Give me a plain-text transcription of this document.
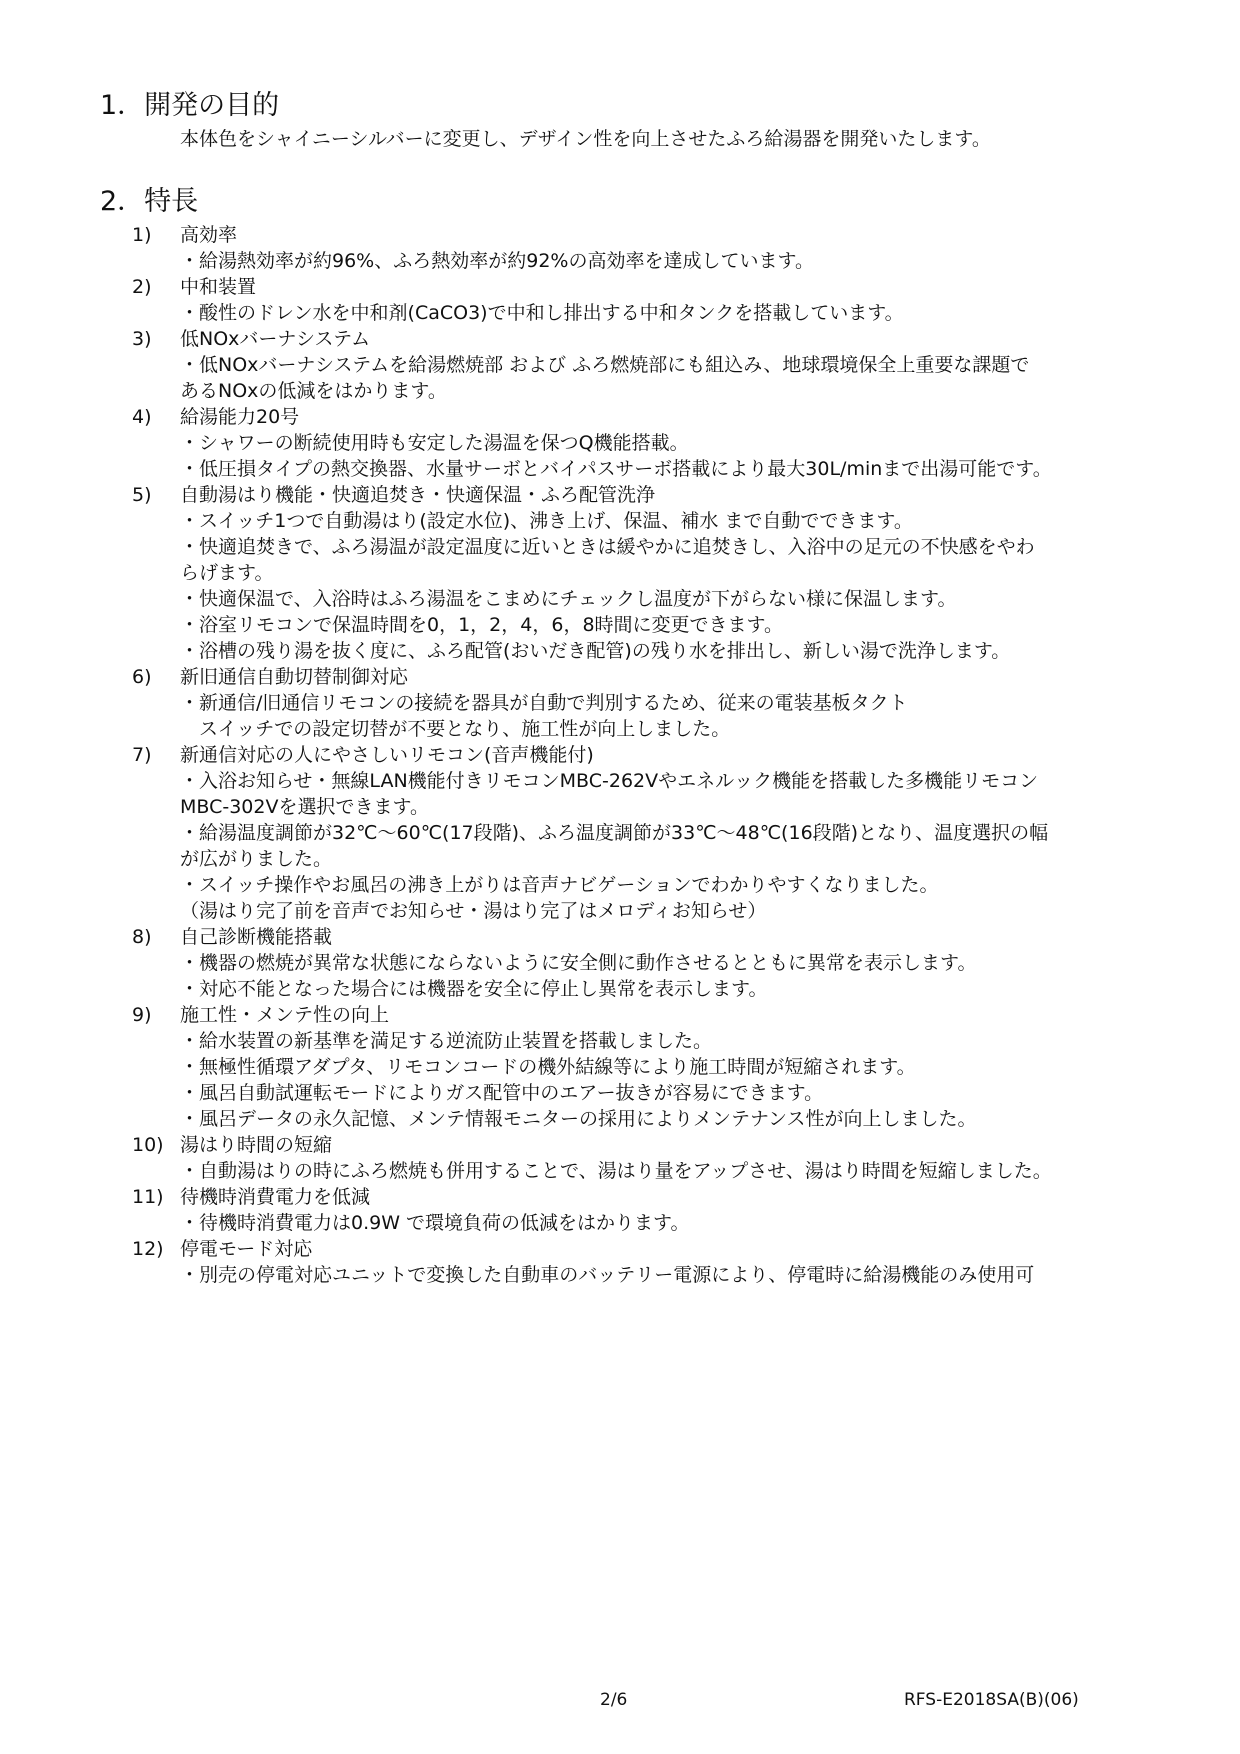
1．開発の目的
本体色をシャイニーシルバーに変更し、デザイン性を向上させたふろ給湯器を開発いたします。
2．特長
1)	高効率
・給湯熱効率が約96%、ふろ熱効率が約92%の高効率を達成しています。
2)	中和装置
・酸性のドレン水を中和剤(CaCO3)で中和し排出する中和タンクを搭載しています。
3)	低NOxバーナシステム
・低NOxバーナシステムを給湯燃焼部 および ふろ燃焼部にも組込み、地球環境保全上重要な課題で
あるNOxの低減をはかります。
4)	給湯能力20号
・シャワーの断続使用時も安定した湯温を保つQ機能搭載。
・低圧損タイプの熱交換器、水量サーボとバイパスサーボ搭載により最大30L/minまで出湯可能です。
5)	自動湯はり機能・快適追焚き・快適保温・ふろ配管洗浄
・スイッチ1つで自動湯はり(設定水位)、沸き上げ、保温、補水 まで自動でできます。
・快適追焚きで、ふろ湯温が設定温度に近いときは緩やかに追焚きし、入浴中の足元の不快感をやわ
らげます。
・快適保温で、入浴時はふろ湯温をこまめにチェックし温度が下がらない様に保温します。
・浴室リモコンで保温時間を0，1，2，4，6，8時間に変更できます。
・浴槽の残り湯を抜く度に、ふろ配管(おいだき配管)の残り水を排出し、新しい湯で洗浄します。
6)	新旧通信自動切替制御対応
・新通信/旧通信リモコンの接続を器具が自動で判別するため、従来の電装基板タクト
　スイッチでの設定切替が不要となり、施工性が向上しました。
7)	新通信対応の人にやさしいリモコン(音声機能付)
・入浴お知らせ・無線LAN機能付きリモコンMBC-262Vやエネルック機能を搭載した多機能リモコン
MBC-302Vを選択できます。
・給湯温度調節が32℃～60℃(17段階)、ふろ温度調節が33℃～48℃(16段階)となり、温度選択の幅
が広がりました。
・スイッチ操作やお風呂の沸き上がりは音声ナビゲーションでわかりやすくなりました。
（湯はり完了前を音声でお知らせ・湯はり完了はメロディお知らせ）
8)	自己診断機能搭載
・機器の燃焼が異常な状態にならないように安全側に動作させるとともに異常を表示します。
・対応不能となった場合には機器を安全に停止し異常を表示します。
9)	施工性・メンテ性の向上
・給水装置の新基準を満足する逆流防止装置を搭載しました。
・無極性循環アダプタ、リモコンコードの機外結線等により施工時間が短縮されます。
・風呂自動試運転モードによりガス配管中のエアー抜きが容易にできます。
・風呂データの永久記憶、メンテ情報モニターの採用によりメンテナンス性が向上しました。
10) 湯はり時間の短縮
・自動湯はりの時にふろ燃焼も併用することで、湯はり量をアップさせ、湯はり時間を短縮しました。
11) 待機時消費電力を低減
・待機時消費電力は0.9W で環境負荷の低減をはかります。
12) 停電モード対応
・別売の停電対応ユニットで変換した自動車のバッテリー電源により、停電時に給湯機能のみ使用可
2/6	RFS-E2018SA(B)(06)
